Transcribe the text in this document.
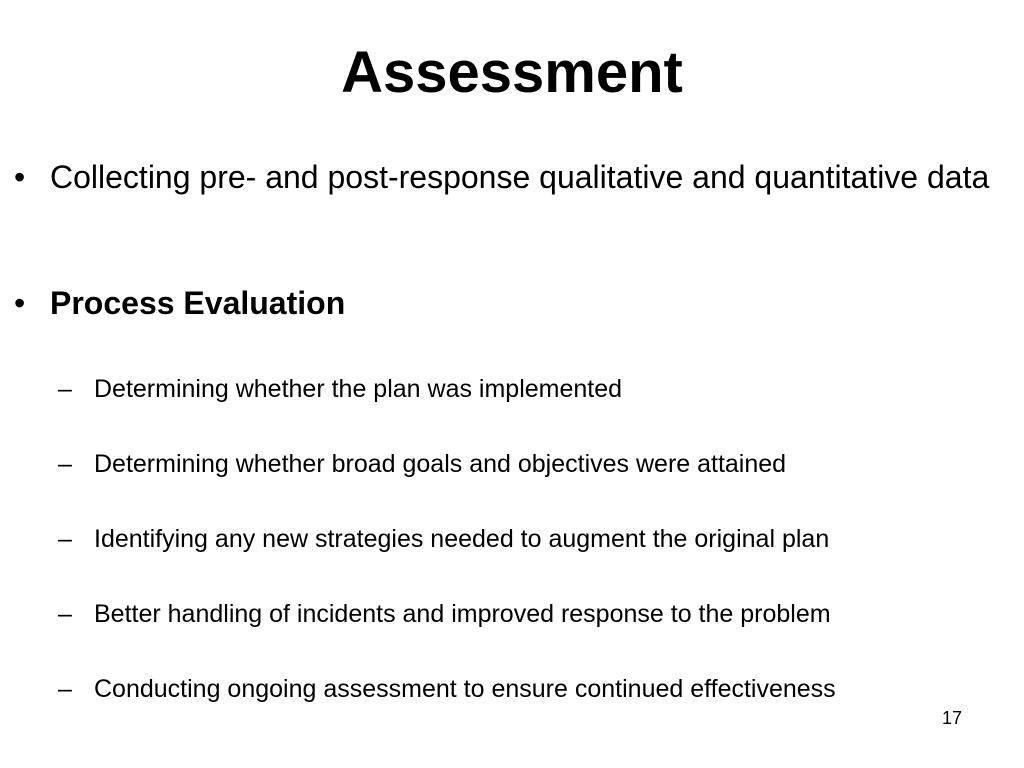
Assessment
• Collecting pre- and post-response qualitative and quantitative data
• Process Evaluation
– Determining whether the plan was implemented
– Determining whether broad goals and objectives were attained
– Identifying any new strategies needed to augment the original plan
– Better handling of incidents and improved response to the problem
– Conducting ongoing assessment to ensure continued effectiveness
17
